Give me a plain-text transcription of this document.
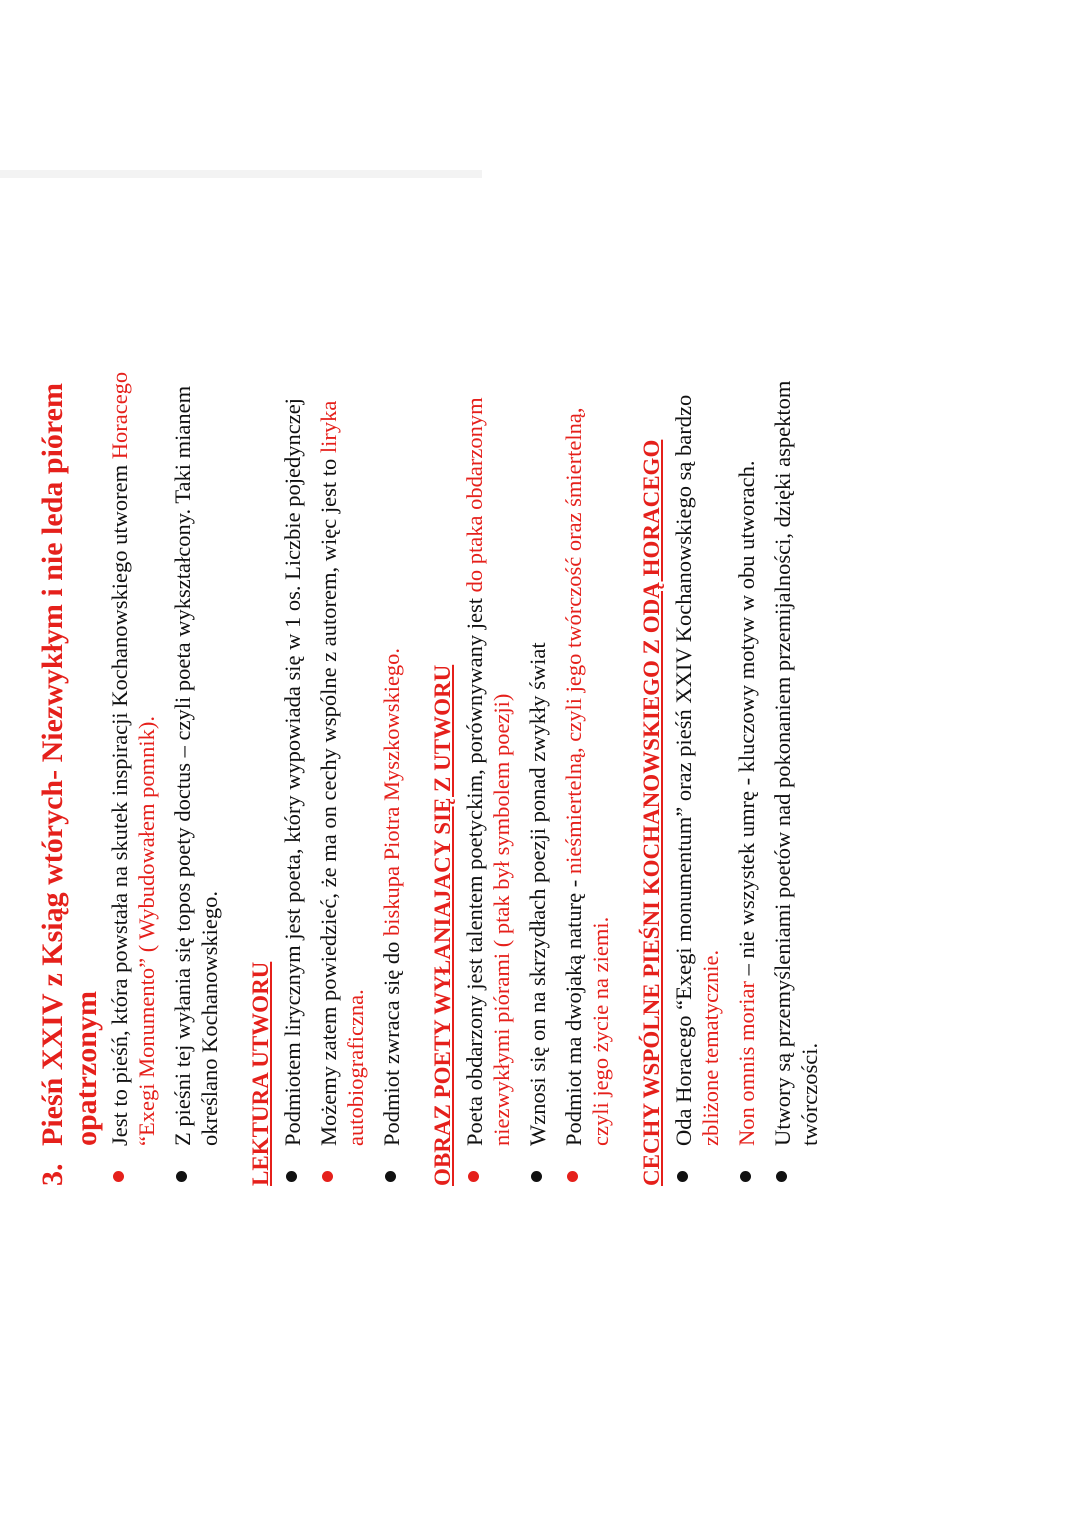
3.
Pieśń XXIV z Ksiąg wtórych- Niezwykłym i nie leda piórem opatrzonym Jest to pieśń, która powstała na skutek inspiracji Kochanowskiego utworem Horacego “Exegi Monumento” ( Wybudowałem pomnik). Z pieśni tej wyłania się topos poety doctus – czyli poeta wykształcony. Taki mianem określano Kochanowskiego. LEKTURA UTWORU Podmiotem lirycznym jest poeta, który wypowiada się w 1 os. Liczbie pojedynczej Możemy zatem powiedzieć, że ma on cechy wspólne z autorem, więc jest to liryka autobiograficzna. Podmiot zwraca się do biskupa Piotra Myszkowskiego. OBRAZ POETY WYŁANIAJACY SIĘ Z UTWORU Poeta obdarzony jest talentem poetyckim, porównywany jest do ptaka obdarzonym niezwykłymi piórami ( ptak był symbolem poezji) Wznosi się on na skrzydłach poezji ponad zwykły świat Podmiot ma dwojaką naturę - nieśmiertelną, czyli jego twórczość oraz śmiertelną, czyli jego życie na ziemi. CECHY WSPÓLNE PIEŚNI KOCHANOWSKIEGO Z ODĄ HORACEGO Oda Horacego “Exegi monumentum” oraz pieśń XXIV Kochanowskiego są bardzo zbliżone tematycznie. Non omnis moriar – nie wszystek umrę - kluczowy motyw w obu utworach. Utwory są przemyśleniami poetów nad pokonaniem przemijalności, dzięki aspektom twórczości.
